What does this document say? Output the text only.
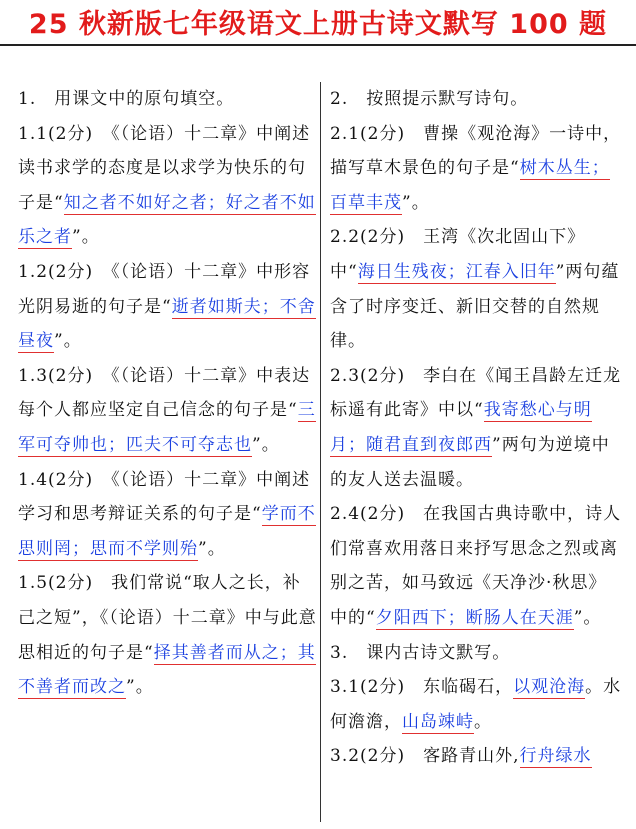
25 秋新版七年级语文上册古诗文默写 100 题

1.　用课文中的原句填空。

1.1(2分)　《（论语）十二章》中阐述读书求学的态度是以求学为快乐的句子是“知之者不如好之者；好之者不如乐之者”。

1.2(2分)　《（论语）十二章》中形容光阴易逝的句子是“逝者如斯夫；不舍昼夜”。

1.3(2分)　《（论语）十二章》中表达每个人都应坚定自己信念的句子是“三军可夺帅也；匹夫不可夺志也”。

1.4(2分)　《（论语）十二章》中阐述学习和思考辩证关系的句子是“学而不思则罔；思而不学则殆”。

1.5(2分)　我们常说“取人之长，补己之短”，《（论语）十二章》中与此意思相近的句子是“择其善者而从之；其不善者而改之”。

2.　按照提示默写诗句。

2.1(2分)　曹操《观沧海》一诗中，描写草木景色的句子是“树木丛生；百草丰茂”。

2.2(2分)　王湾《次北固山下》中“海日生残夜；江春入旧年”两句蕴含了时序变迁、新旧交替的自然规律。

2.3(2分)　李白在《闻王昌龄左迁龙标遥有此寄》中以“我寄愁心与明月；随君直到夜郎西”两句为逆境中的友人送去温暖。

2.4(2分)　在我国古典诗歌中，诗人们常喜欢用落日来抒写思念之烈或离别之苦，如马致远《天净沙·秋思》中的“夕阳西下；断肠人在天涯”。

3.　课内古诗文默写。

3.1(2分)　东临碣石，以观沧海。水何澹澹，山岛竦峙。

3.2(2分)　客路青山外,行舟绿水
